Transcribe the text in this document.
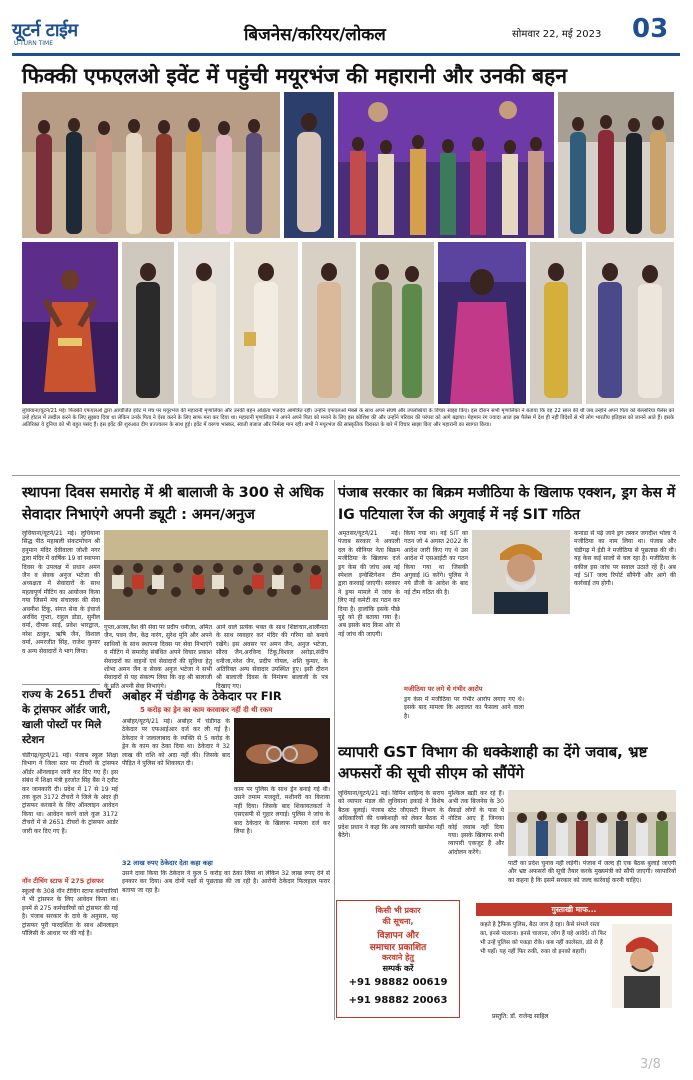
यूटर्न टाईम
U-TURN TIME	बिजनेस/करियर/लोकल	सोमवार 22, मई 2023 03
फिक्की एफएलओ इवेंट में पहुंची मयूरभंज की महारानी और उनकी बहन
लुधियाना/यूटर्न/21 मई। फिक्की एफएलओ द्वारा आयोजित इवेंट में मंच पर मयूरभंज की महारानी मृणालिका और उनकी बहन अक्षिता भंजदेव आमंत्रित रहीं। उन्होंने एफएलओ मेंबर्स के साथ अपने संघर्ष और उपलब्धियों के विचार साझा किए। इस दौरान सभी मृणालिका ने बताया कि वह 22 साल की थीं जब उन्होंने अपने पिता को बेल्लारिया पैलेस को उन्हें होटल में तब्दील करने के लिए सुझाव दिया था लेकिन उनके पिता ने ऐसा करने के लिए साफ मना कर दिया था। महारानी मृणालिका ने अपने अपने पिता को मनाने के लिए इस कोशिश की और उन्होंने परिवार की परंपरा को आगे बढ़ाया। मेहमान रंग ज्यादा आज इस पैलेस में देश ही नहीं विदेशों से भी लोग भारतीय इतिहास को जानने आते हैं। इसके अतिरिक्त ये दुनिया को भी बहुत पसंद हैं। इस इवेंट की शुरुआत दीप प्रज्ज्वलन के साथ हुई। इवेंट में वरुणा भास्कर, स्वाती बजाज और निर्मला मान रहीं। सभी ने मयूरभंज की सांस्कृतिक विरासत के बारे में विचार साझा किए और महारानी का स्वागत किया।
स्थापना दिवस समारोह में श्री बालाजी के 300 से अधिक सेवादार निभाएंगे अपनी ड्यूटी : अमन/अनुज
लुधियाना/यूटर्न/21 मई। लुधियाना सिद्ध पीठ महाबली संकटमोचन श्री हनुमान मंदिर देवीवाला जोशी नगर द्वारा मंदिर में वार्षिक 19 वां स्थापना दिवस के उपलक्ष में प्रधान अमन जैन व सेवक अनुज भटेजा की अध्यक्षता में सेवादारों के साथ महत्वपूर्ण मीटिंग का आयोजन किया गया जिसमें मंच संचालक की सेवा अवनीश टिंकू, संगत सेवा के इंचार्ज अरविंद गुप्ता, राहुल डोडा, सुनील वर्मा, दीपक साई, प्रवेश भारद्वाज, नरेश ठाकुर, ऋषि जैन, विशाल वर्मा, अमरजीत सिंह, राजेश कुमार व अन्य सेवादारों ने भाग लिया।
गुप्ता,अजय,वैश की सेवा पर प्रदीप धनीजा, अमित जैन, पवन जैन, केंद्र नारंग, सुरेश मुनि और अपने साथियों के साथ स्थापना दिवस पर सेवा निभाएंगे व मीटिंग में समारोह संबंधित अपने विचार प्रकाश सेवादारों का वाहनों एवं सेवादारों की सुविधा हेतु शोभा अमन जैन व सेवक अनुज भटेजा ने सभी सेवादारों से यह संकल्प लिया कि वह श्री बालाजी के प्रति अपनी सेवा निभाएंगे।
आने वाले प्रत्येक भक्त के साथ शिष्टाचार,शालीनता के साथ व्यवहार कर मंदिर की गरिमा को बनाये रखेंगे। इस अवसर पर अमन जैन, अनुज भटेजा, सौरव जैन,अरविन्द टिंकू,विशाल अरोड़ा,संदीप धनीजा,नरेश जैन, प्रदीप गोयल, शशि कुमार, के अतिरिक्त अन्य सेवादार उपस्थित हुए। इसी दौरान श्री बालाजी दिवस के निमंत्रण बालाजी के पत्र दिखाए गए।
राज्य के 2651 टीचरों के ट्रांसफर ऑर्डर जारी, खाली पोस्टों पर मिले स्टेशन
चंडीगढ़/यूटर्न/21 मई। पंजाब स्कूल शिक्षा विभाग ने जिला स्तर पर टीचरों के ट्रांसफर ऑर्डर ऑनलाइन जारी कर दिए गए हैं। इस संबंध में शिक्षा मंत्री हरजोत सिंह बैंस ने ट्वीट कर जानकारी दी। प्रदेश में 17 से 19 मई तक कुल 3172 टीचरों ने जिले के अंदर ही ट्रांसफर करवाने के लिए ऑनलाइन आवेदन किया था। आवेदन करने वाले कुल 3172 टीचरों में से 2651 टीचरों के ट्रांसफर आर्डर जारी कर दिए गए हैं।
नॉन टीचिंग स्टाफ में 275 ट्रांसफर
स्कूलों के 308 नॉन टीचिंग स्टाफ कर्मचारियों ने भी ट्रांसफर के लिए आवेदन किया था। इनमें से 275 कर्मचारियों को ट्रांसफर की गई है। पंजाब सरकार के दावे के अनुसार, यह ट्रांसफर पूरी पारदर्शिता के साथ ऑनलाइन पॉलिसी के आधार पर की गई है।
अबोहर में चंडीगढ़ के ठेकेदार पर FIR
5 करोड़ का ड्रेन का काम करवाकर नहीं दी थी रकम
अबोहर/यूटर्न/21 मई। अबोहर में चंडीगढ़ के ठेकेदार पर एफआईआर दर्ज कर ली गई है। ठेकेदार ने जलालाबाद के व्यक्ति से 5 करोड़ के ड्रेन के काम का ठेका दिया था। ठेकेदार ने 32 लाख की राशि को अदा नहीं की। जिसके बाद पीड़ित ने पुलिस को शिकायत दी।
काम पर पुलिस के साथ ड्रेन बनाई गई थी। उसने तमाम मजदूरों, मशीनरी का किराया नहीं दिया। जिसके बाद शिकायतकर्ता ने एसएसपी से गुहार लगाई। पुलिस ने जांच के बाद ठेकेदार के खिलाफ मामला दर्ज कर लिया है।
32 लाख रुपए ठेकेदार देता कहा कहा
उसने दावा किया कि ठेकेदार ने कुल 5 करोड़ का ठेका लिया था लेकिन 32 लाख रुपए देने से इनकार कर दिया। अब दोनों पक्षों से पूछताछ की जा रही है। आरोपी ठेकेदार फिलहाल फरार बताया जा रहा है।
पंजाब सरकार का बिक्रम मजीठिया के खिलाफ एक्शन, ड्रग केस में IG पटियाला रेंज की अगुवाई में नई SIT गठित
अमृतसर/यूटर्न/21 मई। पंजाब सरकार ने अकाली दल के सीनियर नेता बिक्रम मजीठिया के खिलाफ दर्ज ड्रग केस की जांच अब नई स्पेशल इन्वेस्टिगेशन टीम द्वारा करवाई जाएगी। सरकार ने ड्रग्स मामले में जांच के लिए नई कमेटी का गठन कर दिया है। हालांकि इसके पीछे मुद्दे को ही बताया गया है। अब इसके बाद किस ओर से नई जांच की जाएगी।
किया गया था। नई SIT का गठन जो 4 अगस्त 2022 के आदेश जारी किए गए थे उस आदेश में एसआईटी का गठन किया गया था जिसकी अगुवाई IG करेंगे। पुलिस ने नये डीजी के आदेश के बाद नई टीम गठित की है।
मजीठिया पर लगे थे गंभीर आरोप
ड्रग केस में मजीठिया पर गंभीर आरोप लगाए गए थे। इसके बाद मामला कि अदालत का फैसला आने वाला है।
कनाडा से पढ़े जाने ड्रग तस्कर जगदीश भोला ने मजीठिया का नाम लिया था। पंजाब और चंडीगढ़ में ईडी ने मजीठिया से पूछताछ की थी। यह केस कई सालों से चल रहा है। मजीठिया के वकील इस जांच पर सवाल उठाते रहे हैं। अब नई SIT जल्द रिपोर्ट सौंपेगी और आगे की कार्रवाई तय होगी।
व्यापारी GST विभाग की धक्केशाही का देंगे जवाब, भ्रष्ट अफसरों की सूची सीएम को सौंपेंगे
लुधियाना/यूटर्न/21 मई। विपिन शाहिन्द के सराय को व्यापार मंडल की लुधियाना इकाई ने विशेष बैठक बुलाई। पंजाब स्टेट जीएसटी विभाग के अधिकारियों की धक्केशाही को लेकर बैठक में प्रदेश प्रधान ने कहा कि अब व्यापारी खामोश नहीं बैठेंगे।
मुश्किल खड़ी कर रहे हैं। अभी तक बिजनेस के 30 सैकड़ों लोगों के पास ये नोटिस आए हैं जिनका कोई जवाब नहीं दिया गया। इसके खिलाफ सभी व्यापारी एकजुट हैं और आंदोलन करेंगे।
पार्टी का प्रदेश चुनाव नहीं लड़ेगी। पंजाब में जल्द ही एक बैठक बुलाई जाएगी और भ्रष्ट अफसरों की सूची तैयार करके मुख्यमंत्री को सौंपी जाएगी। व्यापारियों का कहना है कि इसमें सरकार को जल्द कार्रवाई करनी चाहिए।
किसी भी प्रकार
की सूचना,
विज्ञापन और
समाचार प्रकाशित
करवाने हेतु
सम्पर्क करें
+91 98882 00619
+91 98882 20063
गुस्ताखी माफ...
कहते है ट्रैफिक पुलिस, बैठा जाय है रहा। कैसे संभले रस्ता का, इनसे पालाना। इनसे चालाना, लोग हैं यहे आवेदें। तो फिर भी उन्हें पुलिस को पकड़ा रोके। कब नहीं कालेस्ता, डंडे से हैं भी यहाँ। यह नहीं फिर रुकी, रुका वो इनको बहारी।
प्रस्तुति: डॉ. राजेन्द्र साहिल
3/8
